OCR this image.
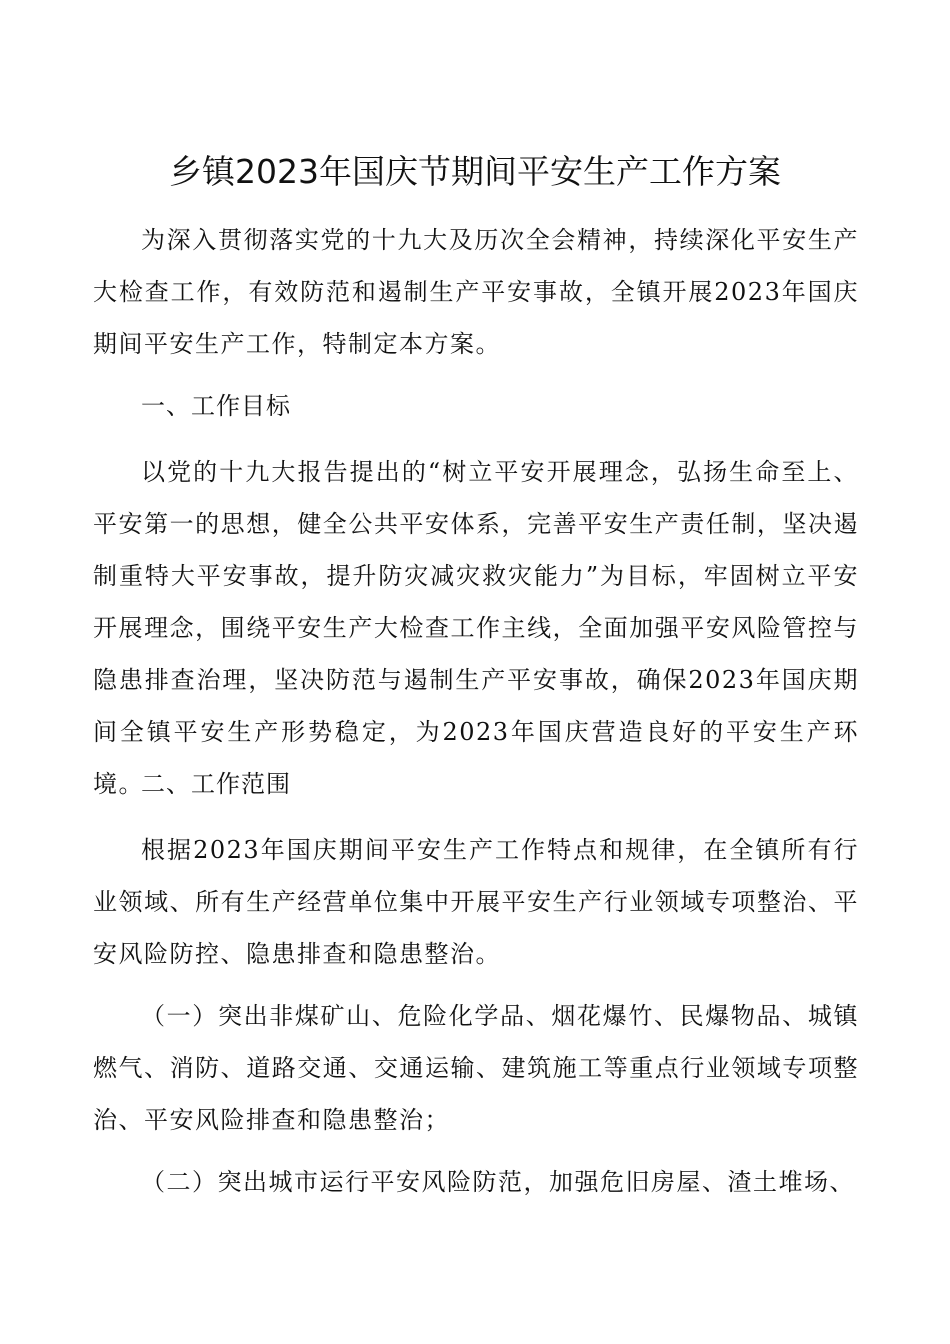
乡镇2023年国庆节期间平安生产工作方案

为深入贯彻落实党的十九大及历次全会精神，持续深化平安生产大检查工作，有效防范和遏制生产平安事故，全镇开展2023年国庆期间平安生产工作，特制定本方案。

一、工作目标

以党的十九大报告提出的“树立平安开展理念，弘扬生命至上、平安第一的思想，健全公共平安体系，完善平安生产责任制，坚决遏制重特大平安事故，提升防灾减灾救灾能力”为目标，牢固树立平安开展理念，围绕平安生产大检查工作主线，全面加强平安风险管控与隐患排查治理，坚决防范与遏制生产平安事故，确保2023年国庆期间全镇平安生产形势稳定，为2023年国庆营造良好的平安生产环境。

二、工作范围

根据2023年国庆期间平安生产工作特点和规律，在全镇所有行业领域、所有生产经营单位集中开展平安生产行业领域专项整治、平安风险防控、隐患排查和隐患整治。

（一）突出非煤矿山、危险化学品、烟花爆竹、民爆物品、城镇燃气、消防、道路交通、交通运输、建筑施工等重点行业领域专项整治、平安风险排查和隐患整治；

（二）突出城市运行平安风险防范，加强危旧房屋、渣土堆场、
